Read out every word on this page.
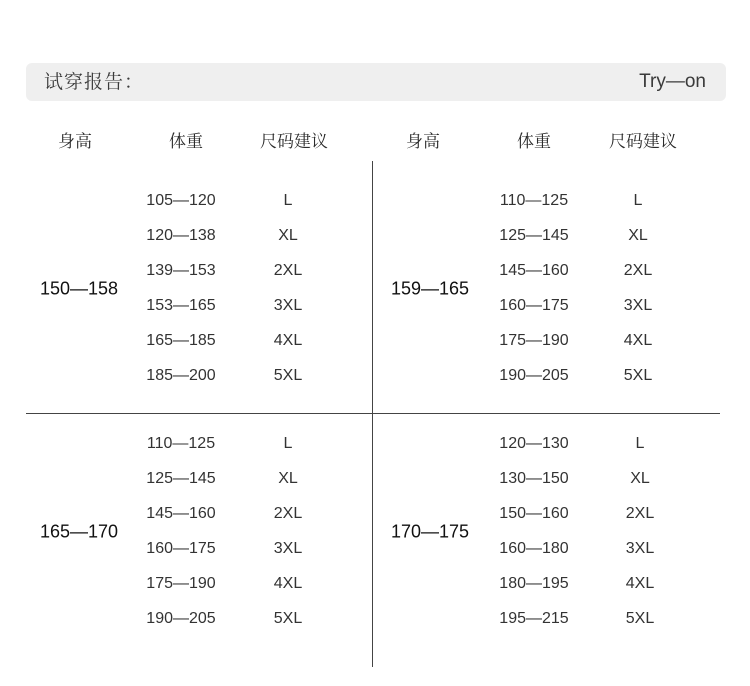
试穿报告：	Try—on
身高	体重	尺码建议	身高	体重	尺码建议
150—158
105—120	L
120—138	XL
139—153	2XL
153—165	3XL
165—185	4XL
185—200	5XL
159—165
110—125	L
125—145	XL
145—160	2XL
160—175	3XL
175—190	4XL
190—205	5XL
165—170
110—125	L
125—145	XL
145—160	2XL
160—175	3XL
175—190	4XL
190—205	5XL
170—175
120—130	L
130—150	XL
150—160	2XL
160—180	3XL
180—195	4XL
195—215	5XL
